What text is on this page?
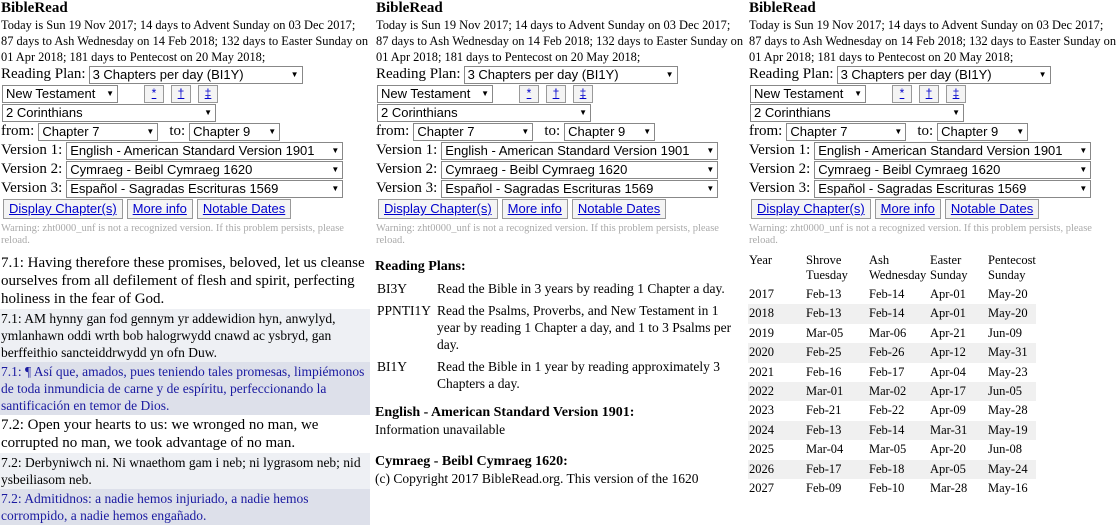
BibleRead
Today is Sun 19 Nov 2017; 14 days to Advent Sunday on 03 Dec 2017; 87 days to Ash Wednesday on 14 Feb 2018; 132 days to Easter Sunday on 01 Apr 2018; 181 days to Pentecost on 20 May 2018;
Reading Plan: 3 Chapters per day (BI1Y) ▼
New Testament ▼	*	†	‡
2 Corinthians ▼
from: Chapter 7 ▼	to: Chapter 9 ▼
Version 1: English - American Standard Version 1901 ▼
Version 2: Cymraeg - Beibl Cymraeg 1620 ▼
Version 3: Español - Sagradas Escrituras 1569 ▼
Display Chapter(s)	More info	Notable Dates
Warning: zht0000_unf is not a recognized version. If this problem persists, please reload.
7.1: Having therefore these promises, beloved, let us cleanse ourselves from all defilement of flesh and spirit, perfecting holiness in the fear of God.
7.1: AM hynny gan fod gennym yr addewidion hyn, anwylyd, ymlanhawn oddi wrth bob halogrwydd cnawd ac ysbryd, gan berffeithio sancteiddrwydd yn ofn Duw.
7.1: ¶ Así que, amados, pues teniendo tales promesas, limpiémonos de toda inmundicia de carne y de espíritu, perfeccionando la santificación en temor de Dios.
7.2: Open your hearts to us: we wronged no man, we corrupted no man, we took advantage of no man.
7.2: Derbyniwch ni. Ni wnaethom gam i neb; ni lygrasom neb; nid ysbeiliasom neb.
7.2: Admitidnos: a nadie hemos injuriado, a nadie hemos corrompido, a nadie hemos engañado.
BibleRead
Today is Sun 19 Nov 2017; 14 days to Advent Sunday on 03 Dec 2017; 87 days to Ash Wednesday on 14 Feb 2018; 132 days to Easter Sunday on 01 Apr 2018; 181 days to Pentecost on 20 May 2018;
Reading Plan: 3 Chapters per day (BI1Y) ▼
New Testament ▼	*	†	‡
2 Corinthians ▼
from: Chapter 7 ▼	to: Chapter 9 ▼
Version 1: English - American Standard Version 1901 ▼
Version 2: Cymraeg - Beibl Cymraeg 1620 ▼
Version 3: Español - Sagradas Escrituras 1569 ▼
Display Chapter(s)	More info	Notable Dates
Warning: zht0000_unf is not a recognized version. If this problem persists, please reload.
Reading Plans:
BI3Y	Read the Bible in 3 years by reading 1 Chapter a day.
PPNTI1Y	Read the Psalms, Proverbs, and New Testament in 1 year by reading 1 Chapter a day, and 1 to 3 Psalms per day.
BI1Y	Read the Bible in 1 year by reading approximately 3 Chapters a day.
English - American Standard Version 1901:
Information unavailable
Cymraeg - Beibl Cymraeg 1620:
(c) Copyright 2017 BibleRead.org. This version of the 1620
BibleRead
Today is Sun 19 Nov 2017; 14 days to Advent Sunday on 03 Dec 2017; 87 days to Ash Wednesday on 14 Feb 2018; 132 days to Easter Sunday on 01 Apr 2018; 181 days to Pentecost on 20 May 2018;
Reading Plan: 3 Chapters per day (BI1Y) ▼
New Testament ▼	*	†	‡
2 Corinthians ▼
from: Chapter 7 ▼	to: Chapter 9 ▼
Version 1: English - American Standard Version 1901 ▼
Version 2: Cymraeg - Beibl Cymraeg 1620 ▼
Version 3: Español - Sagradas Escrituras 1569 ▼
Display Chapter(s)	More info	Notable Dates
Warning: zht0000_unf is not a recognized version. If this problem persists, please reload.
Year	Shrove Tuesday	Ash Wednesday	Easter Sunday	Pentecost Sunday
2017	Feb-13	Feb-14	Apr-01	May-20
2018	Feb-13	Feb-14	Apr-01	May-20
2019	Mar-05	Mar-06	Apr-21	Jun-09
2020	Feb-25	Feb-26	Apr-12	May-31
2021	Feb-16	Feb-17	Apr-04	May-23
2022	Mar-01	Mar-02	Apr-17	Jun-05
2023	Feb-21	Feb-22	Apr-09	May-28
2024	Feb-13	Feb-14	Mar-31	May-19
2025	Mar-04	Mar-05	Apr-20	Jun-08
2026	Feb-17	Feb-18	Apr-05	May-24
2027	Feb-09	Feb-10	Mar-28	May-16
